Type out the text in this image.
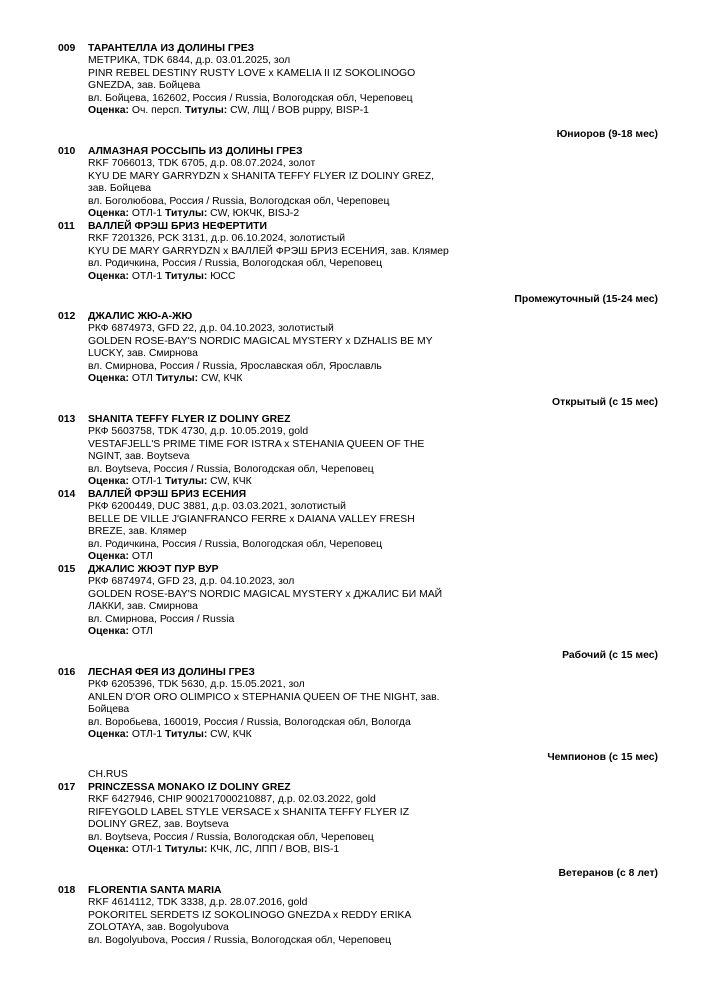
009	ТАРАНТЕЛЛА ИЗ ДОЛИНЫ ГРЕЗ
МЕТРИКА, TDK 6844, д.р. 03.01.2025, зол
PINR REBEL DESTINY RUSTY LOVE x KAMELIA II IZ SOKOLINOGO
GNEZDA, зав. Бойцева
вл. Бойцева, 162602, Россия / Russia, Вологодская обл, Череповец
Оценка: Оч. персп. Титулы: CW, ЛЩ / BOB puppy, BISP-1
Юниоров (9-18 мес)
010	АЛМАЗНАЯ РОССЫПЬ ИЗ ДОЛИНЫ ГРЕЗ
RKF 7066013, TDK 6705, д.р. 08.07.2024, золот
KYU DE MARY GARRYDZN x SHANITA TEFFY FLYER IZ DOLINY GREZ,
зав. Бойцева
вл. Боголюбова, Россия / Russia, Вологодская обл, Череповец
Оценка: ОТЛ-1 Титулы: CW, ЮКЧК, BISJ-2
011	ВАЛЛЕЙ ФРЭШ БРИЗ НЕФЕРТИТИ
RKF 7201326, PCK 3131, д.р. 06.10.2024, золотистый
KYU DE MARY GARRYDZN x ВАЛЛЕЙ ФРЭШ БРИЗ ЕСЕНИЯ, зав. Клямер
вл. Родичкина, Россия / Russia, Вологодская обл, Череповец
Оценка: ОТЛ-1 Титулы: ЮСС
Промежуточный (15-24 мес)
012	ДЖАЛИС ЖЮ-А-ЖЮ
РКФ 6874973, GFD 22, д.р. 04.10.2023, золотистый
GOLDEN ROSE-BAY'S NORDIC MAGICAL MYSTERY x DZHALIS BE MY
LUCKY, зав. Смирнова
вл. Смирнова, Россия / Russia, Ярославская обл, Ярославль
Оценка: ОТЛ Титулы: CW, КЧК
Открытый (с 15 мес)
013	SHANITA TEFFY FLYER IZ DOLINY GREZ
РКФ 5603758, TDK 4730, д.р. 10.05.2019, gold
VESTAFJELL'S PRIME TIME FOR ISTRA x STEHANIA QUEEN OF THE
NGINT, зав. Boytseva
вл. Boytseva, Россия / Russia, Вологодская обл, Череповец
Оценка: ОТЛ-1 Титулы: CW, КЧК
014	ВАЛЛЕЙ ФРЭШ БРИЗ ЕСЕНИЯ
РКФ 6200449, DUC 3881, д.р. 03.03.2021, золотистый
BELLE DE VILLE J'GIANFRANCO FERRE x DAIANA VALLEY FRESH
BREZE, зав. Клямер
вл. Родичкина, Россия / Russia, Вологодская обл, Череповец
Оценка: ОТЛ
015	ДЖАЛИС ЖЮЭТ ПУР ВУР
РКФ 6874974, GFD 23, д.р. 04.10.2023, зол
GOLDEN ROSE-BAY'S NORDIC MAGICAL MYSTERY x ДЖАЛИС БИ МАЙ
ЛАККИ, зав. Смирнова
вл. Смирнова, Россия / Russia
Оценка: ОТЛ
Рабочий (с 15 мес)
016	ЛЕСНАЯ ФЕЯ ИЗ ДОЛИНЫ ГРЕЗ
РКФ 6205396, TDK 5630, д.р. 15.05.2021, зол
ANLEN D'OR ORO OLIMPICO x STEPHANIA QUEEN OF THE NIGHT, зав.
Бойцева
вл. Воробьева, 160019, Россия / Russia, Вологодская обл, Вологда
Оценка: ОТЛ-1 Титулы: CW, КЧК
Чемпионов (с 15 мес)
CH.RUS
017	PRINCZESSA MONAKO IZ DOLINY GREZ
RKF 6427946, CHIP 900217000210887, д.р. 02.03.2022, gold
RIFEYGOLD LABEL STYLE VERSACE x SHANITA TEFFY FLYER IZ
DOLINY GREZ, зав. Boytseva
вл. Boytseva, Россия / Russia, Вологодская обл, Череповец
Оценка: ОТЛ-1 Титулы: КЧК, ЛС, ЛПП / BOB, BIS-1
Ветеранов (с 8 лет)
018	FLORENTIA SANTA MARIA
RKF 4614112, TDK 3338, д.р. 28.07.2016, gold
POKORITEL SERDETS IZ SOKOLINOGO GNEZDA x REDDY ERIKA
ZOLOTAYA, зав. Bogolyubova
вл. Bogolyubova, Россия / Russia, Вологодская обл, Череповец
